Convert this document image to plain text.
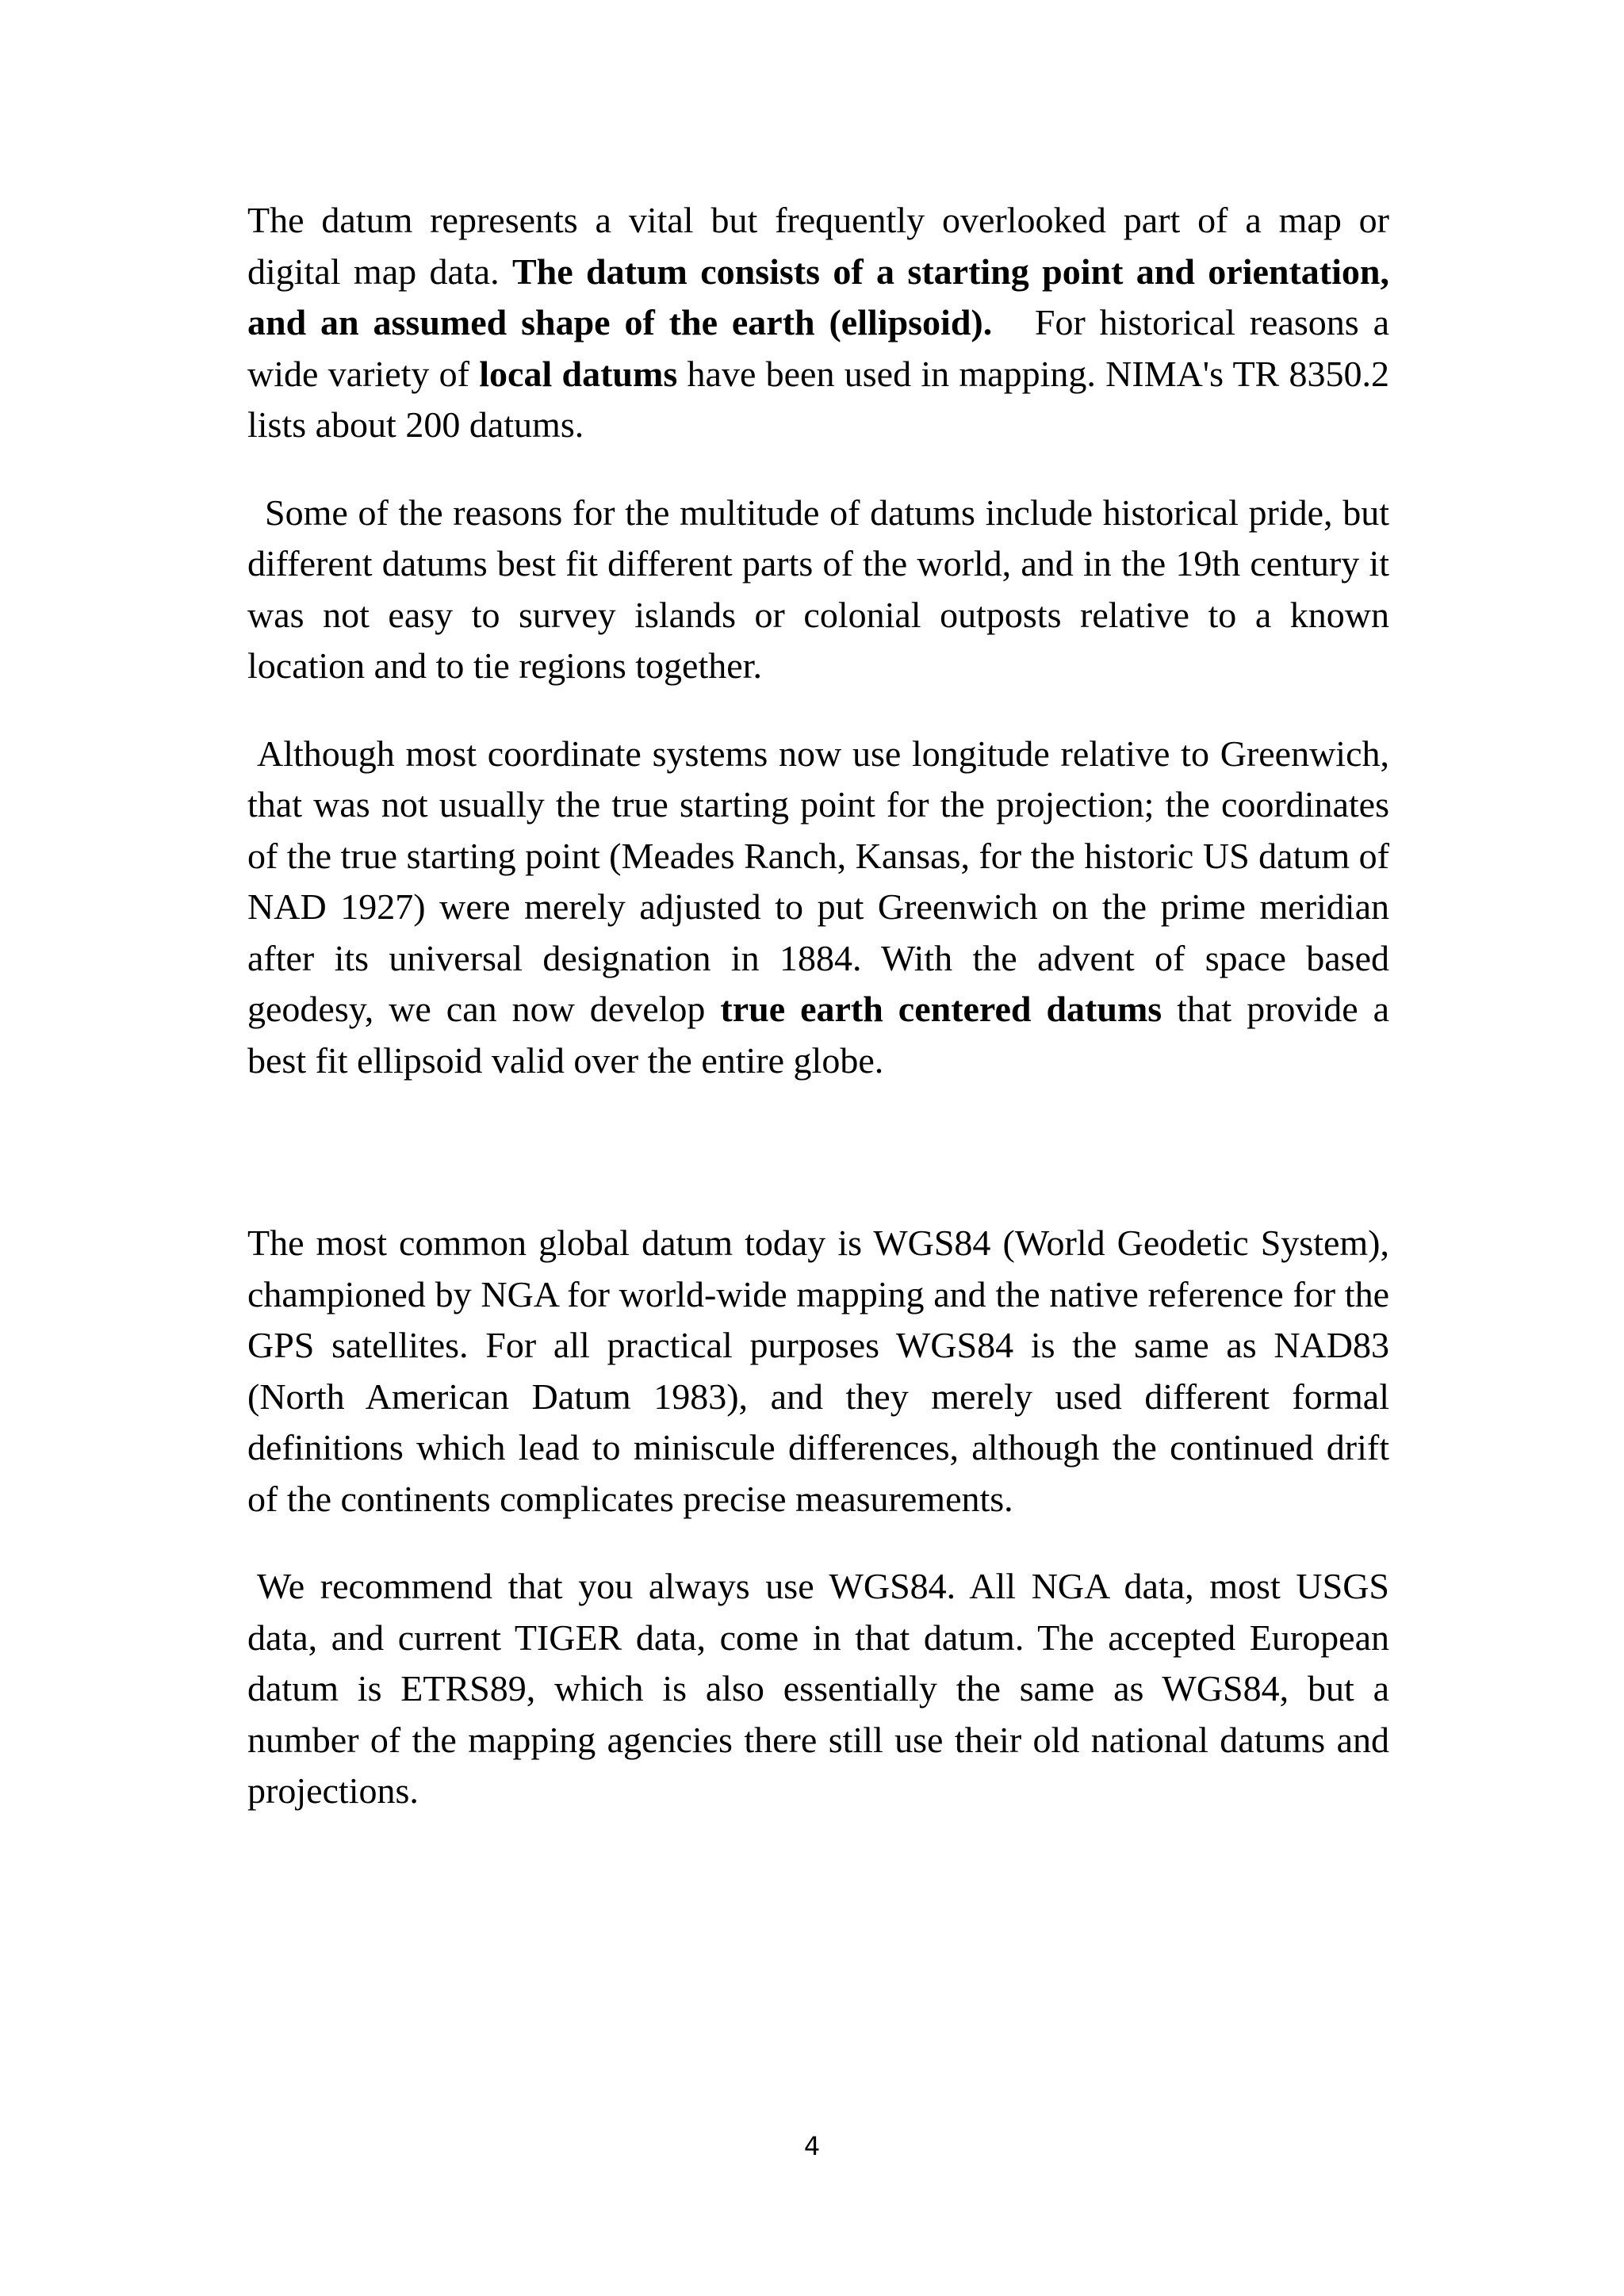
The datum represents a vital but frequently overlooked part of a map or digital map data. The datum consists of a starting point and orientation, and an assumed shape of the earth (ellipsoid).   For historical reasons a wide variety of local datums have been used in mapping. NIMA's TR 8350.2 lists about 200 datums.

Some of the reasons for the multitude of datums include historical pride, but different datums best fit different parts of the world, and in the 19th century it was not easy to survey islands or colonial outposts relative to a known location and to tie regions together.

Although most coordinate systems now use longitude relative to Greenwich, that was not usually the true starting point for the projection; the coordinates of the true starting point (Meades Ranch, Kansas, for the historic US datum of NAD 1927) were merely adjusted to put Greenwich on the prime meridian after its universal designation in 1884. With the advent of space based geodesy, we can now develop true earth centered datums that provide a best fit ellipsoid valid over the entire globe.

The most common global datum today is WGS84 (World Geodetic System), championed by NGA for world-wide mapping and the native reference for the GPS satellites. For all practical purposes WGS84 is the same as NAD83 (North American Datum 1983), and they merely used different formal definitions which lead to miniscule differences, although the continued drift of the continents complicates precise measurements.

We recommend that you always use WGS84. All NGA data, most USGS data, and current TIGER data, come in that datum. The accepted European datum is ETRS89, which is also essentially the same as WGS84, but a number of the mapping agencies there still use their old national datums and projections.

4
